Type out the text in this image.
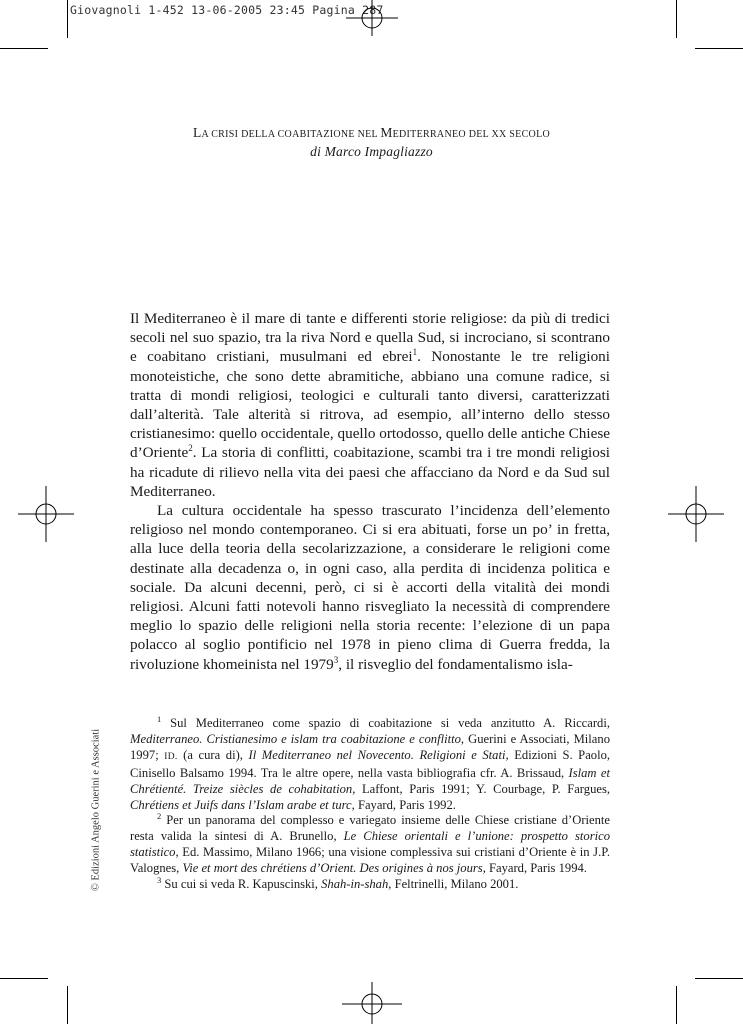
Giovagnoli 1-452 13-06-2005 23:45 Pagina 287
LA CRISI DELLA COABITAZIONE NEL MEDITERRANEO DEL XX SECOLO
di Marco Impagliazzo

Il Mediterraneo è il mare di tante e differenti storie religiose: da più di tredici secoli nel suo spazio, tra la riva Nord e quella Sud, si incrociano, si scontrano e coabitano cristiani, musulmani ed ebrei$^1$. Nonostante le tre religioni monoteistiche, che sono dette abramitiche, abbiano una comune radice, si tratta di mondi religiosi, teologici e culturali tanto diversi, caratterizzati dall’alterità. Tale alterità si ritrova, ad esempio, all’interno dello stesso cristianesimo: quello occidentale, quello ortodosso, quello delle antiche Chiese d’Oriente$^2$. La storia di conflitti, coabitazione, scambi tra i tre mondi religiosi ha ricadute di rilievo nella vita dei paesi che affacciano da Nord e da Sud sul Mediterraneo.

La cultura occidentale ha spesso trascurato l’incidenza dell’elemento religioso nel mondo contemporaneo. Ci si era abituati, forse un po’ in fretta, alla luce della teoria della secolarizzazione, a considerare le religioni come destinate alla decadenza o, in ogni caso, alla perdita di incidenza politica e sociale. Da alcuni decenni, però, ci si è accorti della vitalità dei mondi religiosi. Alcuni fatti notevoli hanno risvegliato la necessità di comprendere meglio lo spazio delle religioni nella storia recente: l’elezione di un papa polacco al soglio pontificio nel 1978 in pieno clima di Guerra fredda, la rivoluzione khomeinista nel 1979$^3$, il risveglio del fondamentalismo isla-

$^1$ Sul Mediterraneo come spazio di coabitazione si veda anzitutto A. Riccardi, Mediterraneo. Cristianesimo e islam tra coabitazione e conflitto, Guerini e Associati, Milano 1997; ID. (a cura di), Il Mediterraneo nel Novecento. Religioni e Stati, Edizioni S. Paolo, Cinisello Balsamo 1994. Tra le altre opere, nella vasta bibliografia cfr. A. Brissaud, Islam et Chrétienté. Treize siècles de cohabitation, Laffont, Paris 1991; Y. Courbage, P. Fargues, Chrétiens et Juifs dans l’Islam arabe et turc, Fayard, Paris 1992.

$^2$ Per un panorama del complesso e variegato insieme delle Chiese cristiane d’Oriente resta valida la sintesi di A. Brunello, Le Chiese orientali e l’unione: prospetto storico statistico, Ed. Massimo, Milano 1966; una visione complessiva sui cristiani d’Oriente è in J.P. Valognes, Vie et mort des chrétiens d’Orient. Des origines à nos jours, Fayard, Paris 1994.

$^3$ Su cui si veda R. Kapuscinski, Shah-in-shah, Feltrinelli, Milano 2001.

© Edizioni Angelo Guerini e Associati
